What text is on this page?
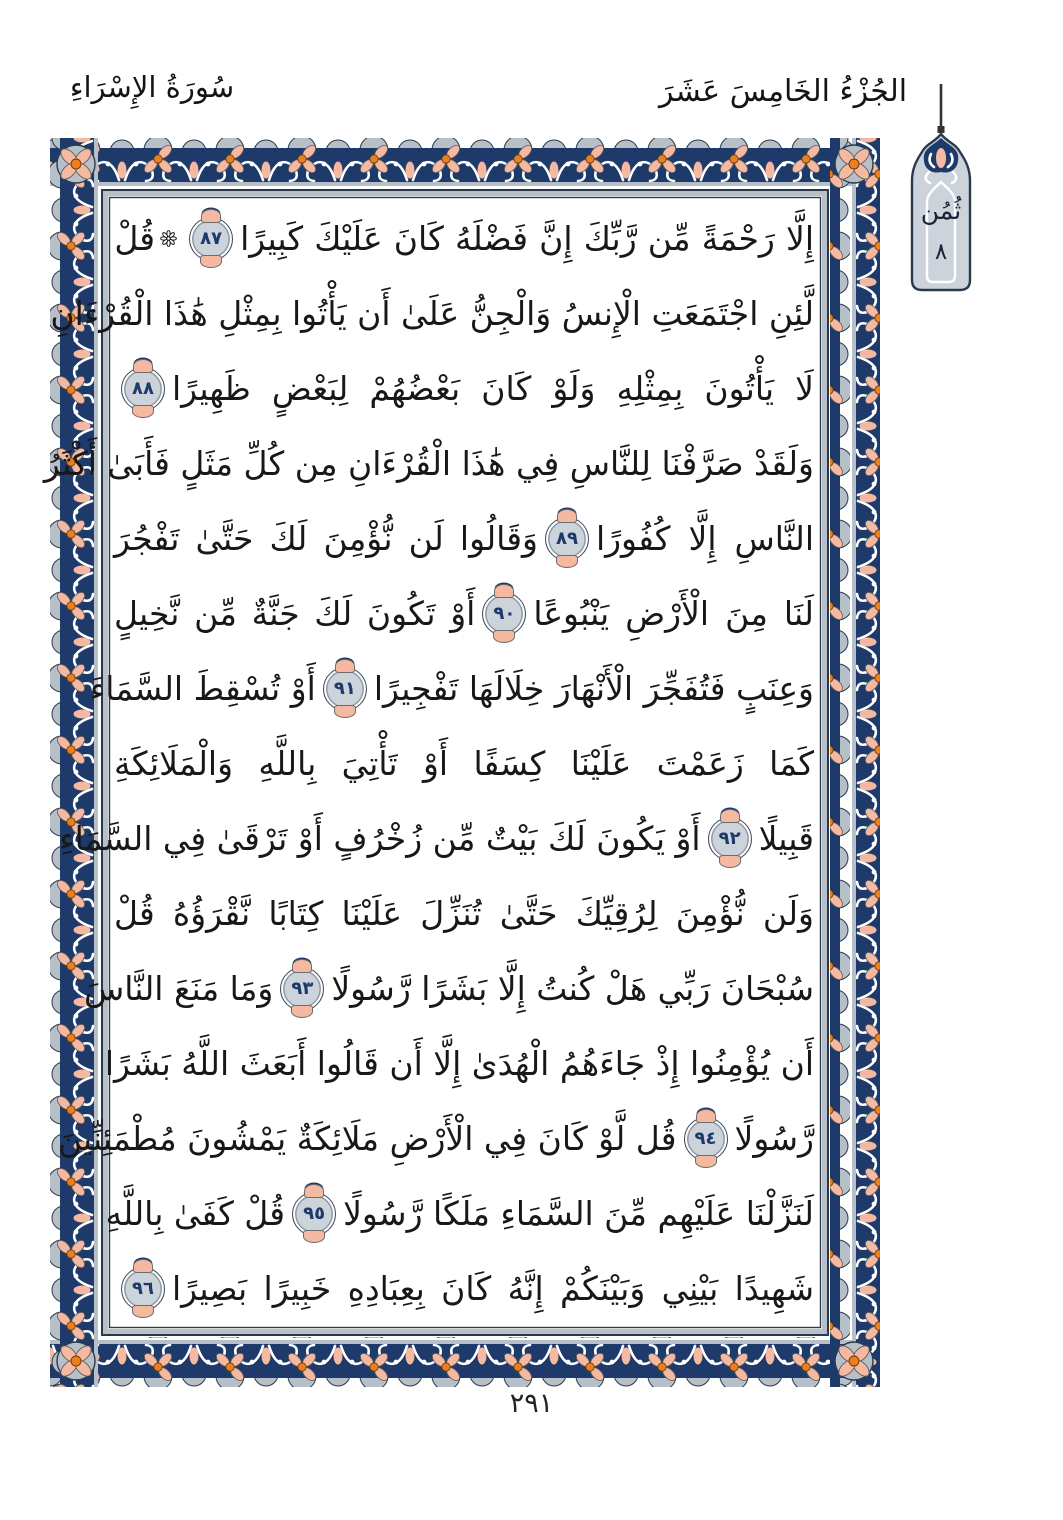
سُورَةُ الإِسْرَاءِ	الجُزْءُ الخَامِسَ عَشَرَ
ثُمُن
٨
إِلَّا رَحْمَةً مِّن رَّبِّكَ إِنَّ فَضْلَهُ كَانَ عَلَيْكَ كَبِيرًا
٨٧
قُلْ
لَّئِنِ اجْتَمَعَتِ الْإِنسُ وَالْجِنُّ عَلَىٰ أَن يَأْتُوا بِمِثْلِ هَٰذَا الْقُرْءَانِ
لَا يَأْتُونَ بِمِثْلِهِ وَلَوْ كَانَ بَعْضُهُمْ لِبَعْضٍ ظَهِيرًا
٨٨
وَلَقَدْ صَرَّفْنَا لِلنَّاسِ فِي هَٰذَا الْقُرْءَانِ مِن كُلِّ مَثَلٍ فَأَبَىٰ أَكْثَرُ
النَّاسِ إِلَّا كُفُورًا
٨٩
وَقَالُوا لَن نُّؤْمِنَ لَكَ حَتَّىٰ تَفْجُرَ
لَنَا مِنَ الْأَرْضِ يَنْبُوعًا
٩٠
أَوْ تَكُونَ لَكَ جَنَّةٌ مِّن نَّخِيلٍ
وَعِنَبٍ فَتُفَجِّرَ الْأَنْهَارَ خِلَالَهَا تَفْجِيرًا
٩١
أَوْ تُسْقِطَ السَّمَاءَ
كَمَا زَعَمْتَ عَلَيْنَا كِسَفًا أَوْ تَأْتِيَ بِاللَّهِ وَالْمَلَائِكَةِ
قَبِيلًا
٩٢
أَوْ يَكُونَ لَكَ بَيْتٌ مِّن زُخْرُفٍ أَوْ تَرْقَىٰ فِي السَّمَاءِ
وَلَن نُّؤْمِنَ لِرُقِيِّكَ حَتَّىٰ تُنَزِّلَ عَلَيْنَا كِتَابًا نَّقْرَؤُهُ قُلْ
سُبْحَانَ رَبِّي هَلْ كُنتُ إِلَّا بَشَرًا رَّسُولًا
٩٣
وَمَا مَنَعَ النَّاسَ
أَن يُؤْمِنُوا إِذْ جَاءَهُمُ الْهُدَىٰ إِلَّا أَن قَالُوا أَبَعَثَ اللَّهُ بَشَرًا
رَّسُولًا
٩٤
قُل لَّوْ كَانَ فِي الْأَرْضِ مَلَائِكَةٌ يَمْشُونَ مُطْمَئِنِّينَ
لَنَزَّلْنَا عَلَيْهِم مِّنَ السَّمَاءِ مَلَكًا رَّسُولًا
٩٥
قُلْ كَفَىٰ بِاللَّهِ
شَهِيدًا بَيْنِي وَبَيْنَكُمْ إِنَّهُ كَانَ بِعِبَادِهِ خَبِيرًا بَصِيرًا
٩٦
٢٩١
